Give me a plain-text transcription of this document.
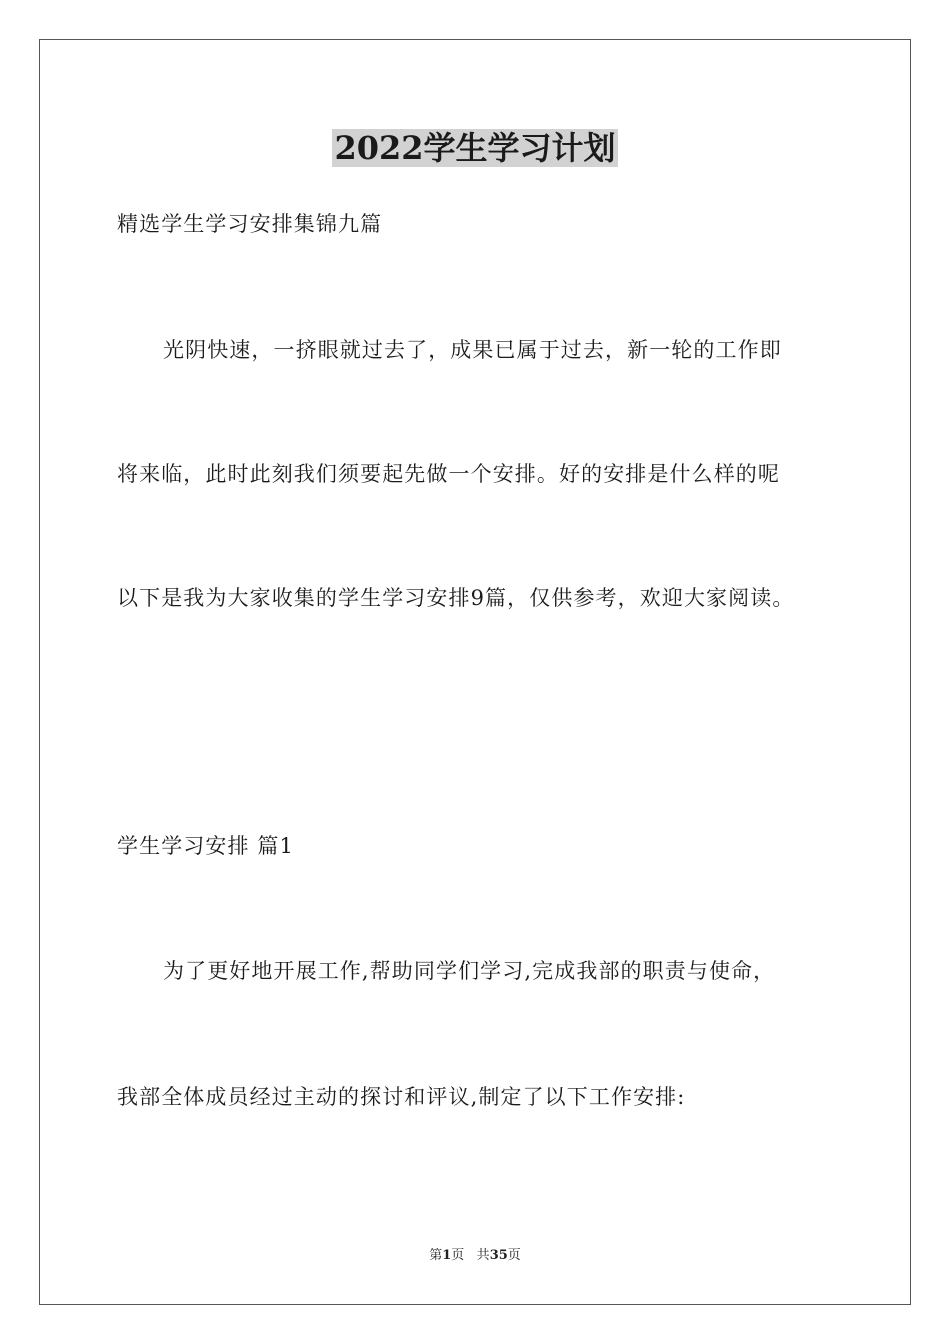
2022学生学习计划
精选学生学习安排集锦九篇
光阴快速，一挤眼就过去了，成果已属于过去，新一轮的工作即
将来临，此时此刻我们须要起先做一个安排。好的安排是什么样的呢
以下是我为大家收集的学生学习安排9篇，仅供参考，欢迎大家阅读。
学生学习安排 篇1
为了更好地开展工作,帮助同学们学习,完成我部的职责与使命，
我部全体成员经过主动的探讨和评议,制定了以下工作安排:
第1页 共35页
